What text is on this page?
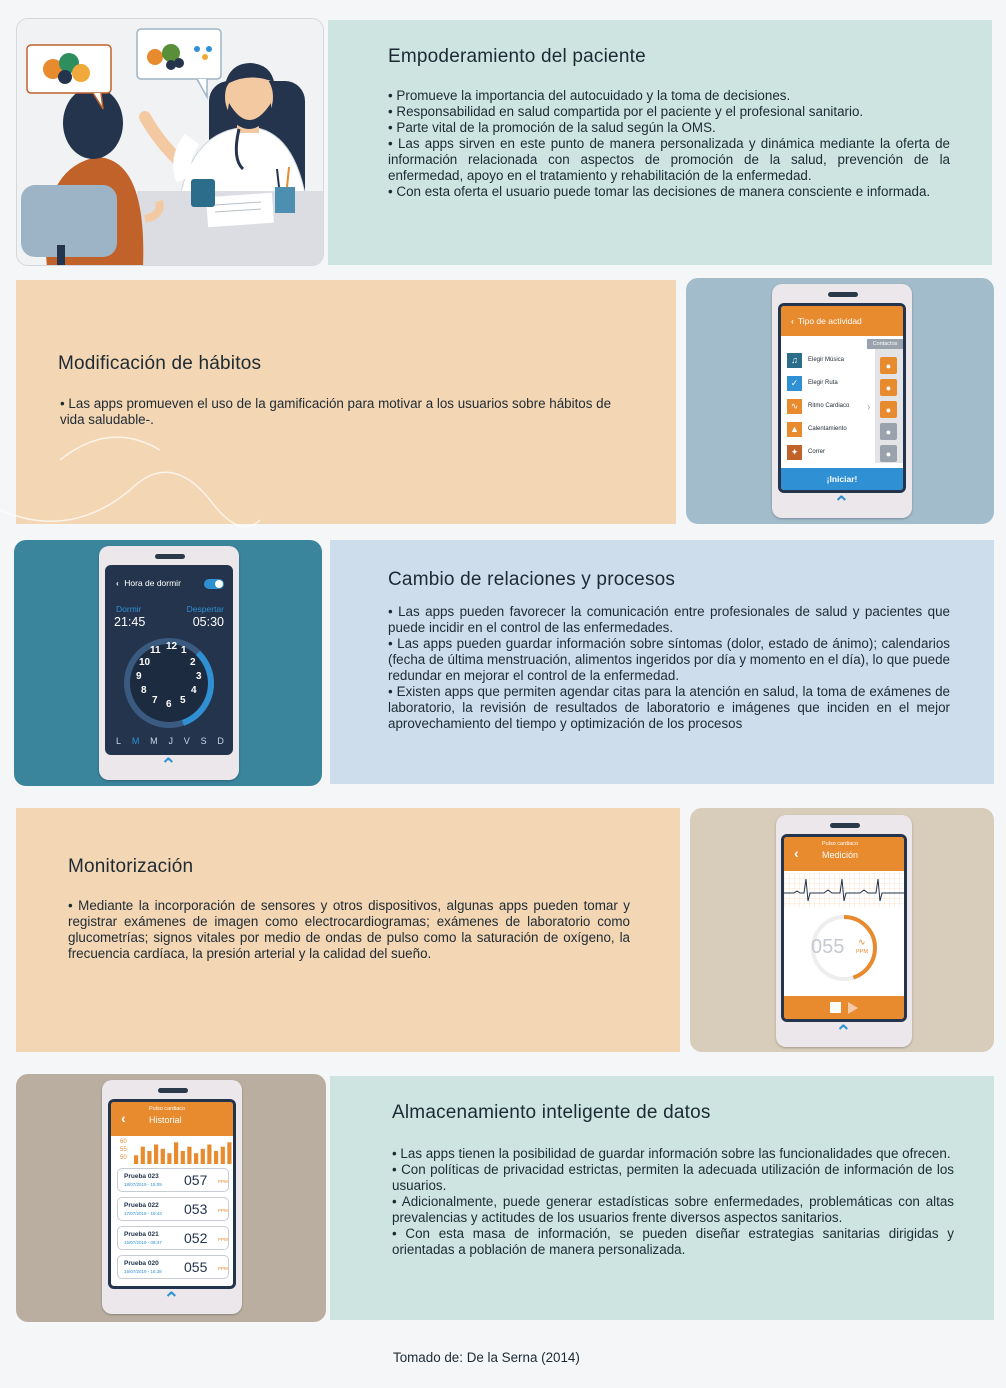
Empoderamiento del paciente
• Promueve la importancia del autocuidado y la toma de decisiones.
• Responsabilidad en salud compartida por el paciente y el profesional sanitario.
• Parte vital de la promoción de la salud según la OMS.
• Las apps sirven en este punto de manera personalizada y dinámica mediante la oferta de información relacionada con aspectos de promoción de la salud, prevención de la enfermedad, apoyo en el tratamiento y rehabilitación de la enfermedad.
• Con esta oferta el usuario puede tomar las decisiones de manera consciente e informada.
Modificación de hábitos
• Las apps promueven el uso de la gamificación para motivar a los usuarios sobre hábitos de vida saludable-.
‹ Tipo de actividad
Contactos
●
●
●
●
●
›
♫	Elegir Música
✓	Elegir Ruta
∿	Ritmo Cardiaco
▲	Calentamiento
✦	Correr
¡Iniciar!
⌃
‹ Hora de dormir
Dormir	Despertar
21:45	05:30
12 1
2
3
4
5
6
7
8
9
10
11
L M M J V S D
⌃
Cambio de relaciones y procesos
• Las apps pueden favorecer la comunicación entre profesionales de salud y pacientes que puede incidir en el control de las enfermedades.
• Las apps pueden guardar información sobre síntomas (dolor, estado de ánimo); calendarios (fecha de última menstruación, alimentos ingeridos por día y momento en el día), lo que puede redundar en mejorar el control de la enfermedad.
• Existen apps que permiten agendar citas para la atención en salud, la toma de exámenes de laboratorio, la revisión de resultados de laboratorio e imágenes que inciden en el mejor aprovechamiento del tiempo y optimización de los procesos
Monitorización
• Mediante la incorporación de sensores y otros dispositivos, algunas apps pueden tomar y registrar exámenes de imagen como electrocardiogramas; exámenes de laboratorio como glucometrías; signos vitales por medio de ondas de pulso como la saturación de oxígeno, la frecuencia cardíaca, la presión arterial y la calidad del sueño.
‹
Pulso cardiaco
Medición
055 ∿
PPM
⌃
‹
Pulso cardiaco
Historial
60
55
50
Prueba 023
18/07/2019 - 15:09 057 PPM
Prueba 022
17/07/2019 - 19:43 053 PPM
Prueba 021
16/07/2019 - 08:47 052 PPM
Prueba 020
15/07/2019 - 16:38 055 PPM
⌃
Almacenamiento inteligente de datos
• Las apps tienen la posibilidad de guardar información sobre las funcionalidades que ofrecen.
• Con políticas de privacidad estrictas, permiten la adecuada utilización de información de los usuarios.
• Adicionalmente, puede generar estadísticas sobre enfermedades, problemáticas con altas prevalencias y actitudes de los usuarios frente diversos aspectos sanitarios.
• Con esta masa de información, se pueden diseñar estrategias sanitarias dirigidas y orientadas a población de manera personalizada.
Tomado de: De la Serna (2014)
